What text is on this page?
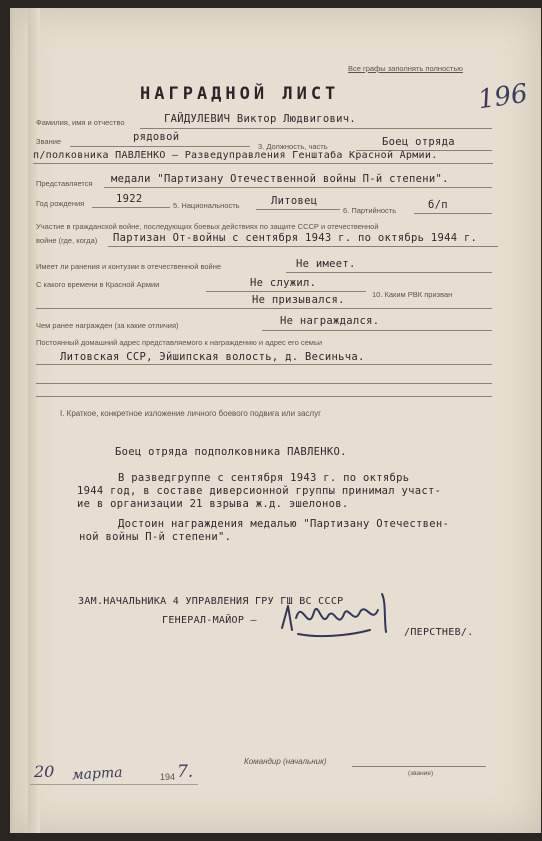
Все графы заполнять полностью
196
НАГРАДНОЙ ЛИСТ
Фамилия, имя и отчество	ГАЙДУЛЕВИЧ Виктор Людвигович.
Звание	рядовой
3. Должность, часть	Боец отряда
п/полковника ПАВЛЕНКО – Разведуправления Генштаба Красной Армии.
Представляется медали "Партизану Отечественной войны П-й степени".
Год рождения	1922
5. Национальность	Литовец
6. Партийность	б/п
Участие в гражданской войне, последующих боевых действиях по защите СССР и отечественной
войне (где, когда) Партизан От-войны с сентября 1943 г. по октябрь 1944 г.
Имеет ли ранения и контузии в отечественной войне	Не имеет.
С какого времени в Красной Армии	Не служил.
10. Каким РВК призван
Не призывался.
Чем ранее награжден (за какие отличия)	Не награждался.
Постоянный домашний адрес представляемого к награждению и адрес его семьи
Литовская ССР, Эйшипская волость, д. Весиньча.
I. Краткое, конкретное изложение личного боевого подвига или заслуг
Боец отряда подполковника ПАВЛЕНКО.
В разведгруппе с сентября 1943 г. по октябрь
1944 год, в составе диверсионной группы принимал участ-
ие в организации 21 взрыва ж.д. эшелонов.
Достоин награждения медалью "Партизану Отечествен-
ной войны П-й степени".
ЗАМ.НАЧАЛЬНИКА 4 УПРАВЛЕНИЯ ГРУ ГШ ВС СССР
ГЕНЕРАЛ-МАЙОР –
/ПЕРСТНЕВ/.
20 марта	194 7.
Командир (начальник)
(звание)
